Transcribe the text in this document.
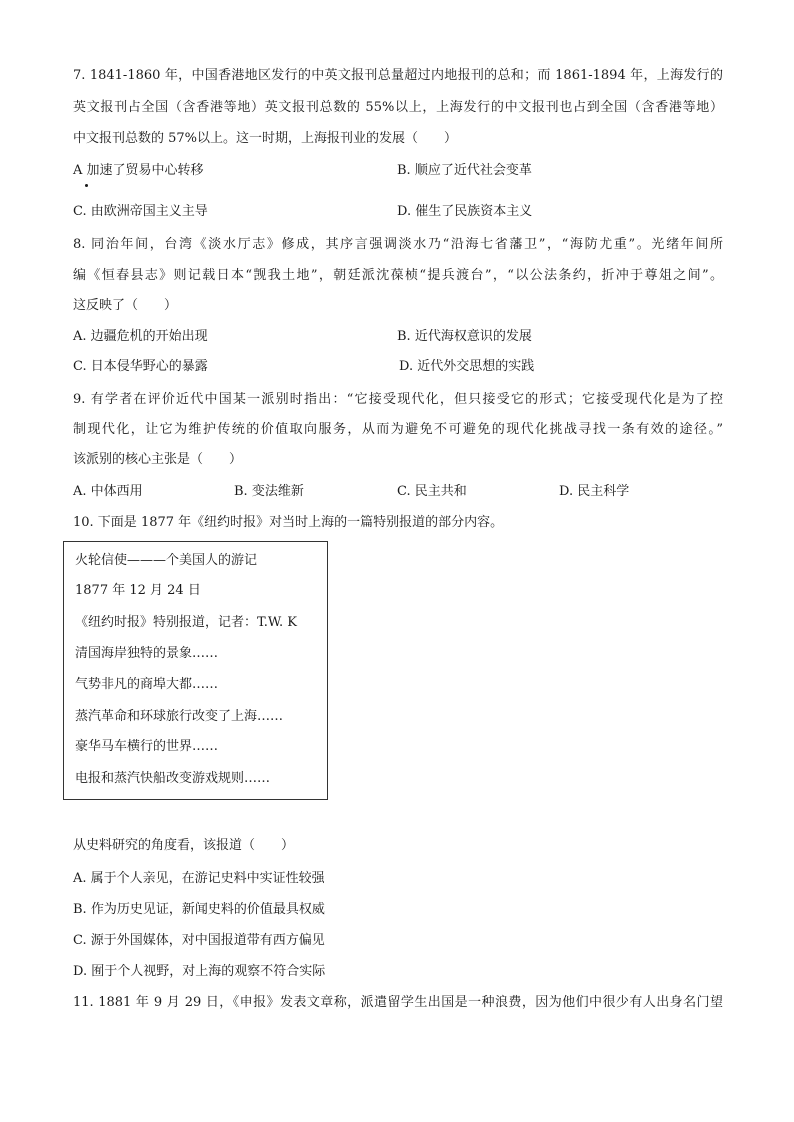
7. 1841-1860 年，中国香港地区发行的中英文报刊总量超过内地报刊的总和；而 1861-1894 年，上海发行的
英文报刊占全国（含香港等地）英文报刊总数的 55%以上，上海发行的中文报刊也占到全国（含香港等地）
中文报刊总数的 57%以上。这一时期，上海报刊业的发展（　　）
A 加速了贸易中心转移	B. 顺应了近代社会变革
C. 由欧洲帝国主义主导	D. 催生了民族资本主义
8. 同治年间，台湾《淡水厅志》修成，其序言强调淡水乃“沿海七省藩卫”，“海防尤重”。光绪年间所
编《恒春县志》则记载日本“觊我土地”，朝廷派沈葆桢“提兵渡台”，“以公法条约，折冲于尊俎之间”。
这反映了（　　）
A. 边疆危机的开始出现	B. 近代海权意识的发展
C. 日本侵华野心的暴露	D. 近代外交思想的实践
9. 有学者在评价近代中国某一派别时指出：“它接受现代化，但只接受它的形式；它接受现代化是为了控
制现代化，让它为维护传统的价值取向服务，从而为避免不可避免的现代化挑战寻找一条有效的途径。”
该派别的核心主张是（　　）
A. 中体西用	B. 变法维新	C. 民主共和	D. 民主科学
10. 下面是 1877 年《纽约时报》对当时上海的一篇特别报道的部分内容。
火轮信使———个美国人的游记
1877 年 12 月 24 日
《纽约时报》特别报道，记者：T.W. K
清国海岸独特的景象……
气势非凡的商埠大都……
蒸汽革命和环球旅行改变了上海……
豪华马车横行的世界……
电报和蒸汽快船改变游戏规则……
从史料研究的角度看，该报道（　　）
A. 属于个人亲见，在游记史料中实证性较强
B. 作为历史见证，新闻史料的价值最具权威
C. 源于外国媒体，对中国报道带有西方偏见
D. 囿于个人视野，对上海的观察不符合实际
11. 1881 年 9 月 29 日，《申报》发表文章称，派遣留学生出国是一种浪费，因为他们中很少有人出身名门望
